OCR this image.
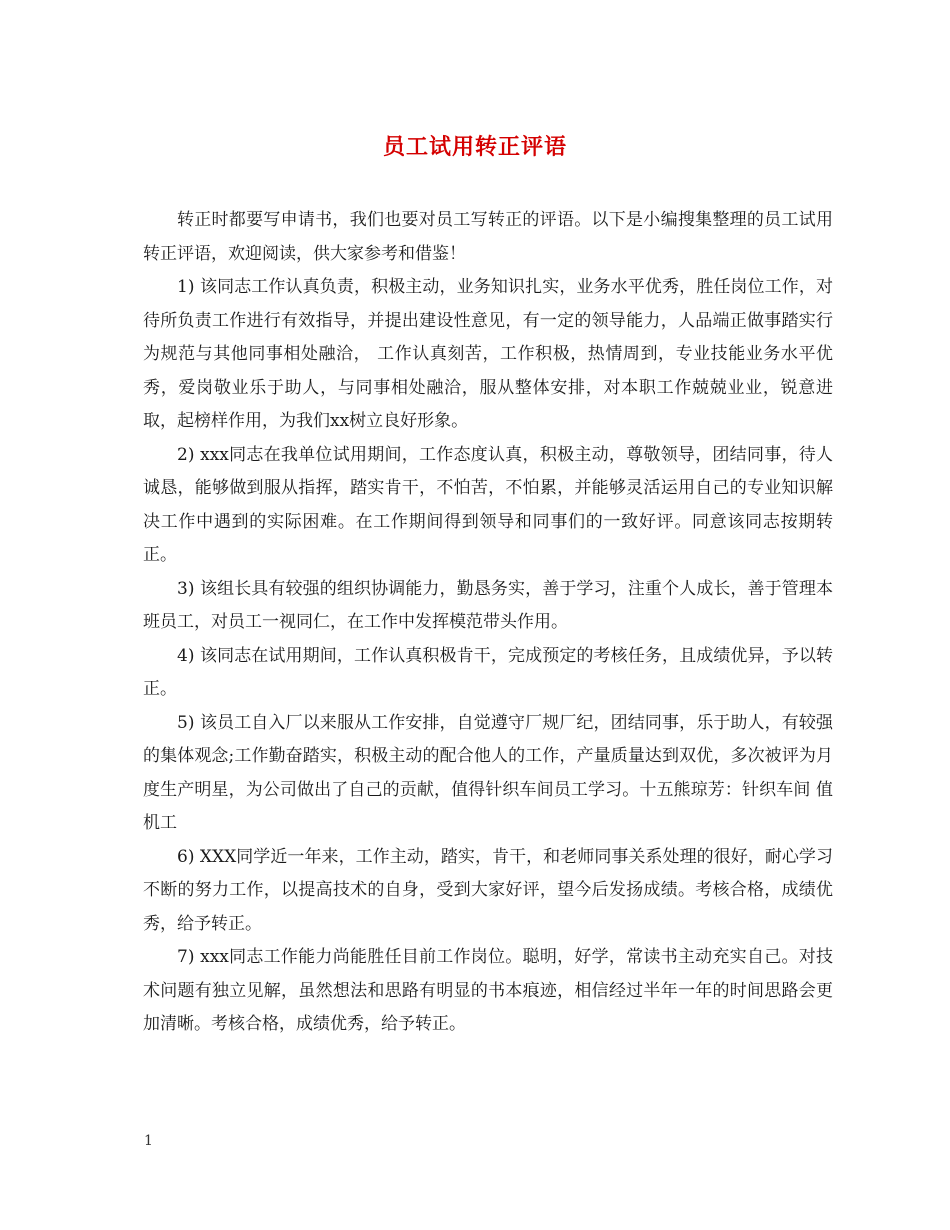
员工试用转正评语

转正时都要写申请书，我们也要对员工写转正的评语。以下是小编搜集整理的员工试用转正评语，欢迎阅读，供大家参考和借鉴！

1) 该同志工作认真负责，积极主动，业务知识扎实，业务水平优秀，胜任岗位工作，对待所负责工作进行有效指导，并提出建设性意见，有一定的领导能力，人品端正做事踏实行为规范与其他同事相处融洽， 工作认真刻苦，工作积极，热情周到，专业技能业务水平优秀，爱岗敬业乐于助人，与同事相处融洽，服从整体安排，对本职工作兢兢业业，锐意进取，起榜样作用，为我们xx树立良好形象。

2) xxx同志在我单位试用期间，工作态度认真，积极主动，尊敬领导，团结同事，待人诚恳，能够做到服从指挥，踏实肯干，不怕苦，不怕累，并能够灵活运用自己的专业知识解决工作中遇到的实际困难。在工作期间得到领导和同事们的一致好评。同意该同志按期转正。

3) 该组长具有较强的组织协调能力，勤恳务实，善于学习，注重个人成长，善于管理本班员工，对员工一视同仁，在工作中发挥模范带头作用。

4) 该同志在试用期间，工作认真积极肯干，完成预定的考核任务，且成绩优异，予以转正。

5) 该员工自入厂以来服从工作安排，自觉遵守厂规厂纪，团结同事，乐于助人，有较强的集体观念;工作勤奋踏实，积极主动的配合他人的工作，产量质量达到双优，多次被评为月度生产明星，为公司做出了自己的贡献，值得针织车间员工学习。十五熊琼芳：针织车间 值机工

6) XXX同学近一年来，工作主动，踏实，肯干，和老师同事关系处理的很好，耐心学习不断的努力工作，以提高技术的自身，受到大家好评，望今后发扬成绩。考核合格，成绩优秀，给予转正。

7) xxx同志工作能力尚能胜任目前工作岗位。聪明，好学，常读书主动充实自己。对技术问题有独立见解，虽然想法和思路有明显的书本痕迹，相信经过半年一年的时间思路会更加清晰。考核合格，成绩优秀，给予转正。

1
